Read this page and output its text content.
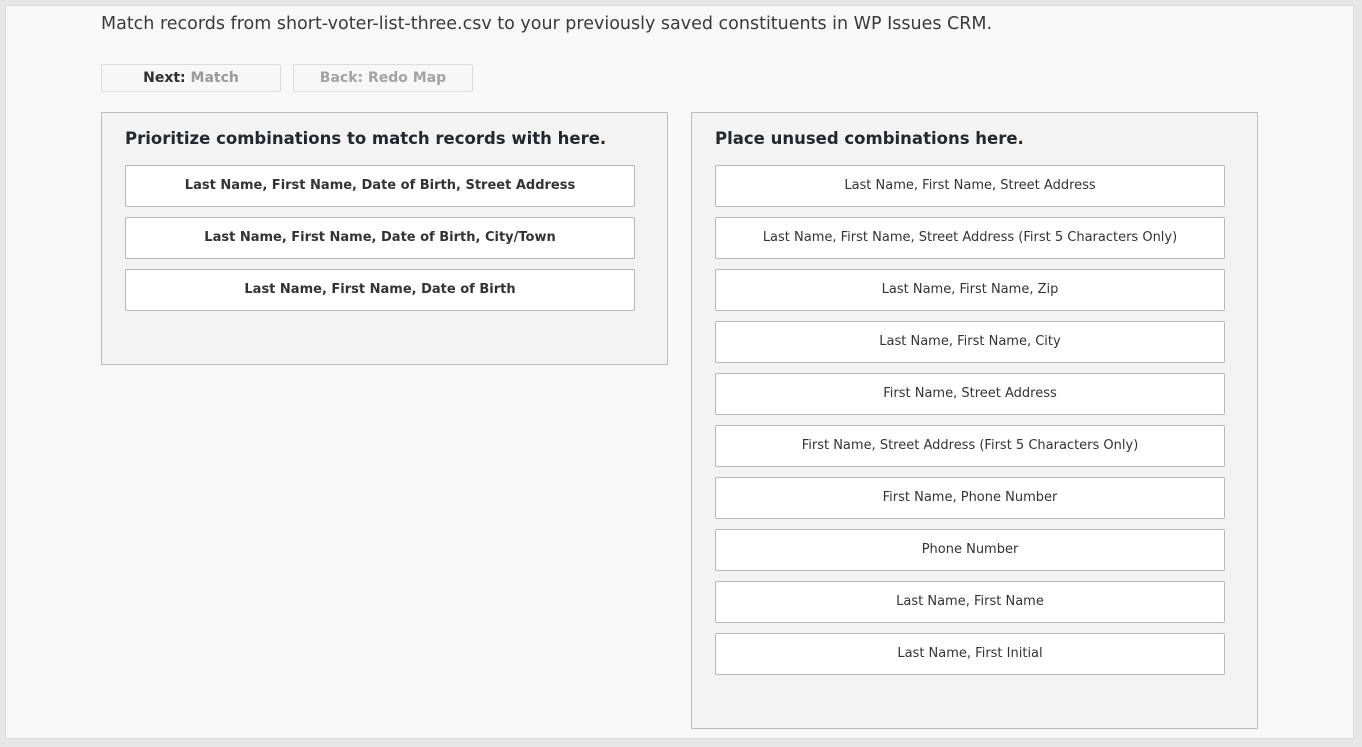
Match records from short-voter-list-three.csv to your previously saved constituents in WP Issues CRM.
Next: Match	Back: Redo Map
Prioritize combinations to match records with here.
Last Name, First Name, Date of Birth, Street Address
Last Name, First Name, Date of Birth, City/Town
Last Name, First Name, Date of Birth
Place unused combinations here.
Last Name, First Name, Street Address
Last Name, First Name, Street Address (First 5 Characters Only)
Last Name, First Name, Zip
Last Name, First Name, City
First Name, Street Address
First Name, Street Address (First 5 Characters Only)
First Name, Phone Number
Phone Number
Last Name, First Name
Last Name, First Initial
